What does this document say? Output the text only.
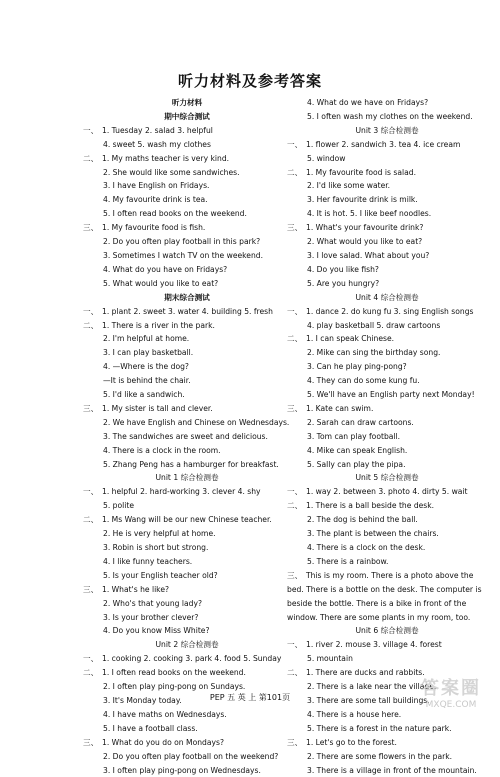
听力材料及参考答案
听力材料
期中综合测试
一、 1. Tuesday 2. salad 3. helpful
4. sweet 5. wash my clothes
二、 1. My maths teacher is very kind.
2. She would like some sandwiches.
3. I have English on Fridays.
4. My favourite drink is tea.
5. I often read books on the weekend.
三、 1. My favourite food is fish.
2. Do you often play football in this park?
3. Sometimes I watch TV on the weekend.
4. What do you have on Fridays?
5. What would you like to eat?
期末综合测试
一、 1. plant 2. sweet 3. water 4. building 5. fresh
二、 1. There is a river in the park.
2. I'm helpful at home.
3. I can play basketball.
4. —Where is the dog?
—It is behind the chair.
5. I'd like a sandwich.
三、 1. My sister is tall and clever.
2. We have English and Chinese on Wednesdays.
3. The sandwiches are sweet and delicious.
4. There is a clock in the room.
5. Zhang Peng has a hamburger for breakfast.
Unit 1 综合检测卷
一、 1. helpful 2. hard-working 3. clever 4. shy
5. polite
二、 1. Ms Wang will be our new Chinese teacher.
2. He is very helpful at home.
3. Robin is short but strong.
4. I like funny teachers.
5. Is your English teacher old?
三、 1. What's he like?
2. Who's that young lady?
3. Is your brother clever?
4. Do you know Miss White?
Unit 2 综合检测卷
一、 1. cooking 2. cooking 3. park 4. food 5. Sunday
二、 1. I often read books on the weekend.
2. I often play ping-pong on Sundays.
3. It's Monday today.
4. I have maths on Wednesdays.
5. I have a football class.
三、 1. What do you do on Mondays?
2. Do you often play football on the weekend?
3. I often play ping-pong on Wednesdays.
4. What do we have on Fridays?
5. I often wash my clothes on the weekend.
Unit 3 综合检测卷
一、 1. flower 2. sandwich 3. tea 4. ice cream
5. window
二、 1. My favourite food is salad.
2. I'd like some water.
3. Her favourite drink is milk.
4. It is hot. 5. I like beef noodles.
三、 1. What's your favourite drink?
2. What would you like to eat?
3. I love salad. What about you?
4. Do you like fish?
5. Are you hungry?
Unit 4 综合检测卷
一、 1. dance 2. do kung fu 3. sing English songs
4. play basketball 5. draw cartoons
二、 1. I can speak Chinese.
2. Mike can sing the birthday song.
3. Can he play ping-pong?
4. They can do some kung fu.
5. We'll have an English party next Monday!
三、 1. Kate can swim.
2. Sarah can draw cartoons.
3. Tom can play football.
4. Mike can speak English.
5. Sally can play the pipa.
Unit 5 综合检测卷
一、 1. way 2. between 3. photo 4. dirty 5. wait
二、 1. There is a ball beside the desk.
2. The dog is behind the ball.
3. The plant is between the chairs.
4. There is a clock on the desk.
5. There is a rainbow.
三、 This is my room. There is a photo above the bed. There is a bottle on the desk. The computer is beside the bottle. There is a bike in front of the window. There are some plants in my room, too.
Unit 6 综合检测卷
一、 1. river 2. mouse 3. village 4. forest
5. mountain
二、 1. There are ducks and rabbits.
2. There is a lake near the village.
3. There are some tall buildings.
4. There is a house here.
5. There is a forest in the nature park.
三、 1. Let's go to the forest.
2. There are some flowers in the park.
3. There is a village in front of the mountain.
PEP 五 英 上 第101页	答案圈
MXQE.COM
